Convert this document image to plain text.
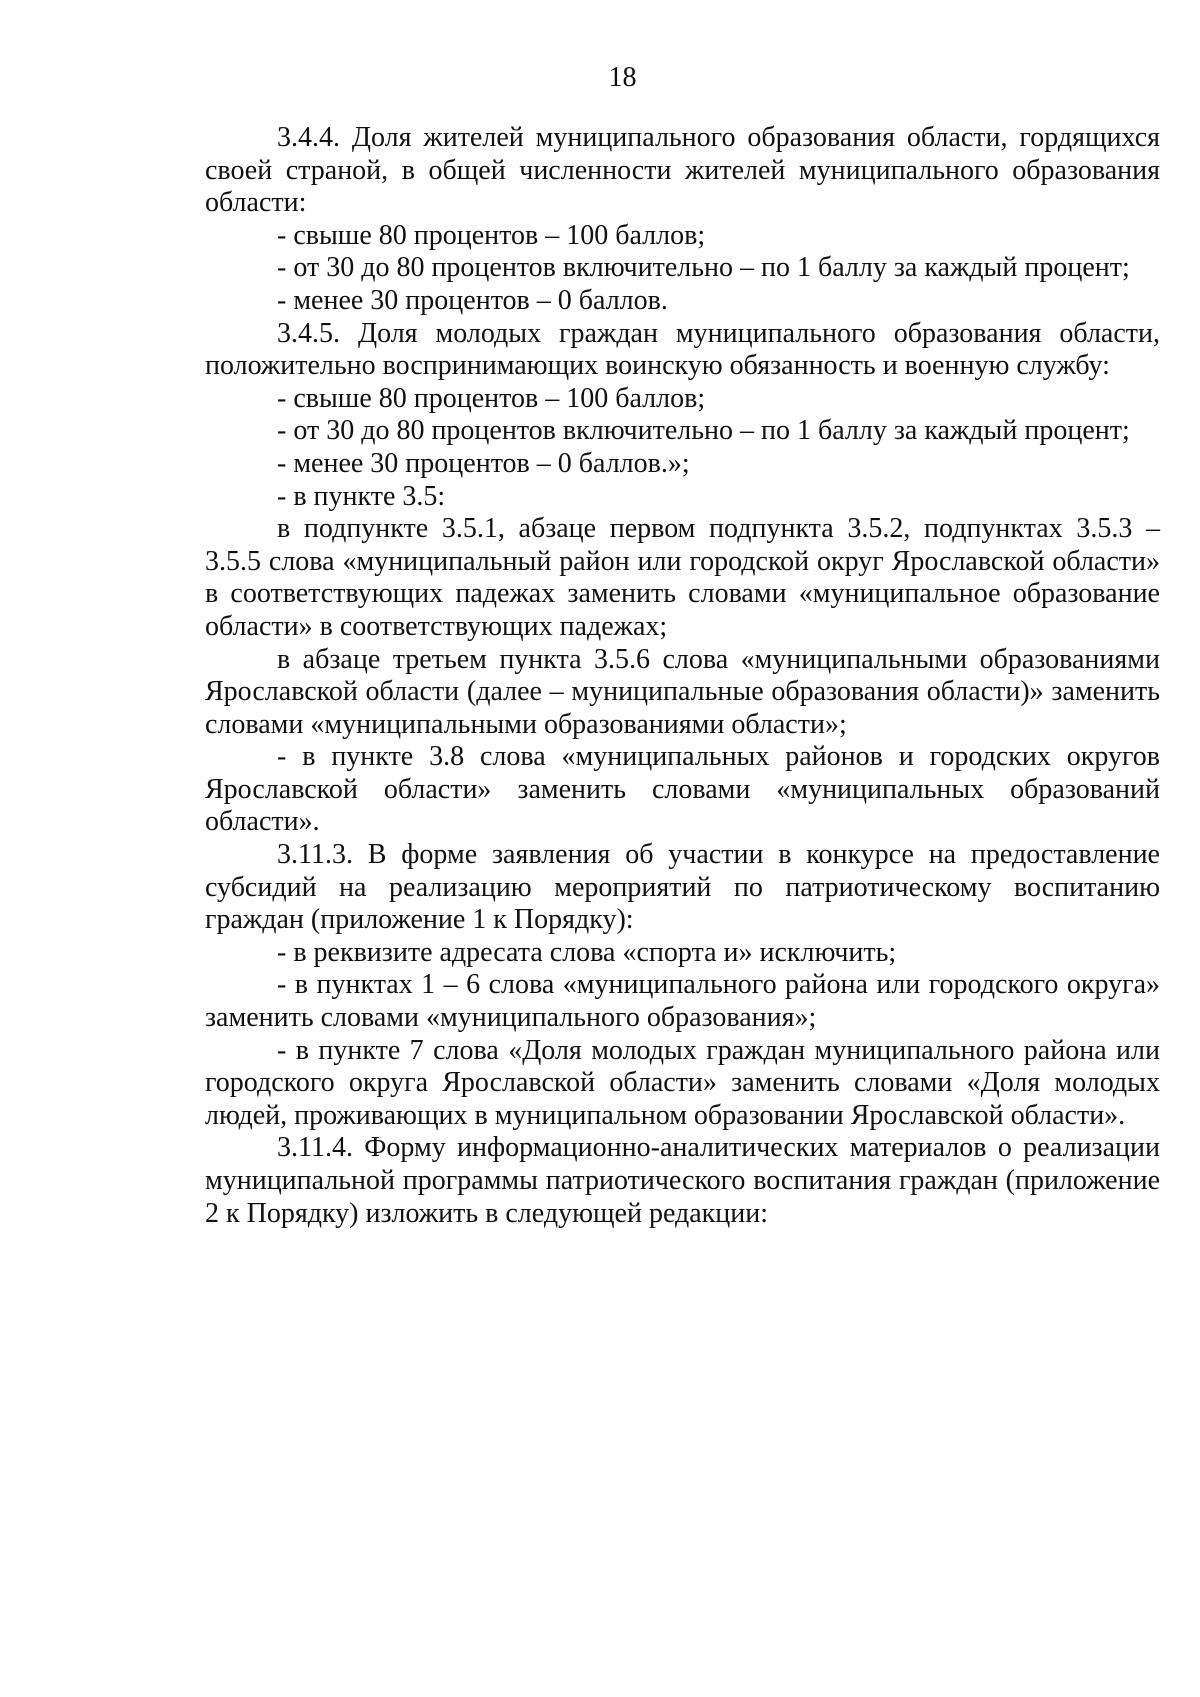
18

3.4.4. Доля жителей муниципального образования области, гордящихся своей страной, в общей численности жителей муниципального образования области:

- свыше 80 процентов – 100 баллов;

- от 30 до 80 процентов включительно – по 1 баллу за каждый процент;

- менее 30 процентов – 0 баллов.

3.4.5. Доля молодых граждан муниципального образования области, положительно воспринимающих воинскую обязанность и военную службу:

- свыше 80 процентов – 100 баллов;

- от 30 до 80 процентов включительно – по 1 баллу за каждый процент;

- менее 30 процентов – 0 баллов.»;

- в пункте 3.5:

в подпункте 3.5.1, абзаце первом подпункта 3.5.2, подпунктах 3.5.3 – 3.5.5 слова «муниципальный район или городской округ Ярославской области» в соответствующих падежах заменить словами «муниципальное образование области» в соответствующих падежах;

в абзаце третьем пункта 3.5.6 слова «муниципальными образованиями Ярославской области (далее – муниципальные образования области)» заменить словами «муниципальными образованиями области»;

- в пункте 3.8 слова «муниципальных районов и городских округов Ярославской области» заменить словами «муниципальных образований области».

3.11.3. В форме заявления об участии в конкурсе на предоставление субсидий на реализацию мероприятий по патриотическому воспитанию граждан (приложение 1 к Порядку):

- в реквизите адресата слова «спорта и» исключить;

- в пунктах 1 – 6 слова «муниципального района или городского округа» заменить словами «муниципального образования»;

- в пункте 7 слова «Доля молодых граждан муниципального района или городского округа Ярославской области» заменить словами «Доля молодых людей, проживающих в муниципальном образовании Ярославской области».

3.11.4. Форму информационно-аналитических материалов о реализации муниципальной программы патриотического воспитания граждан (приложение 2 к Порядку) изложить в следующей редакции:
